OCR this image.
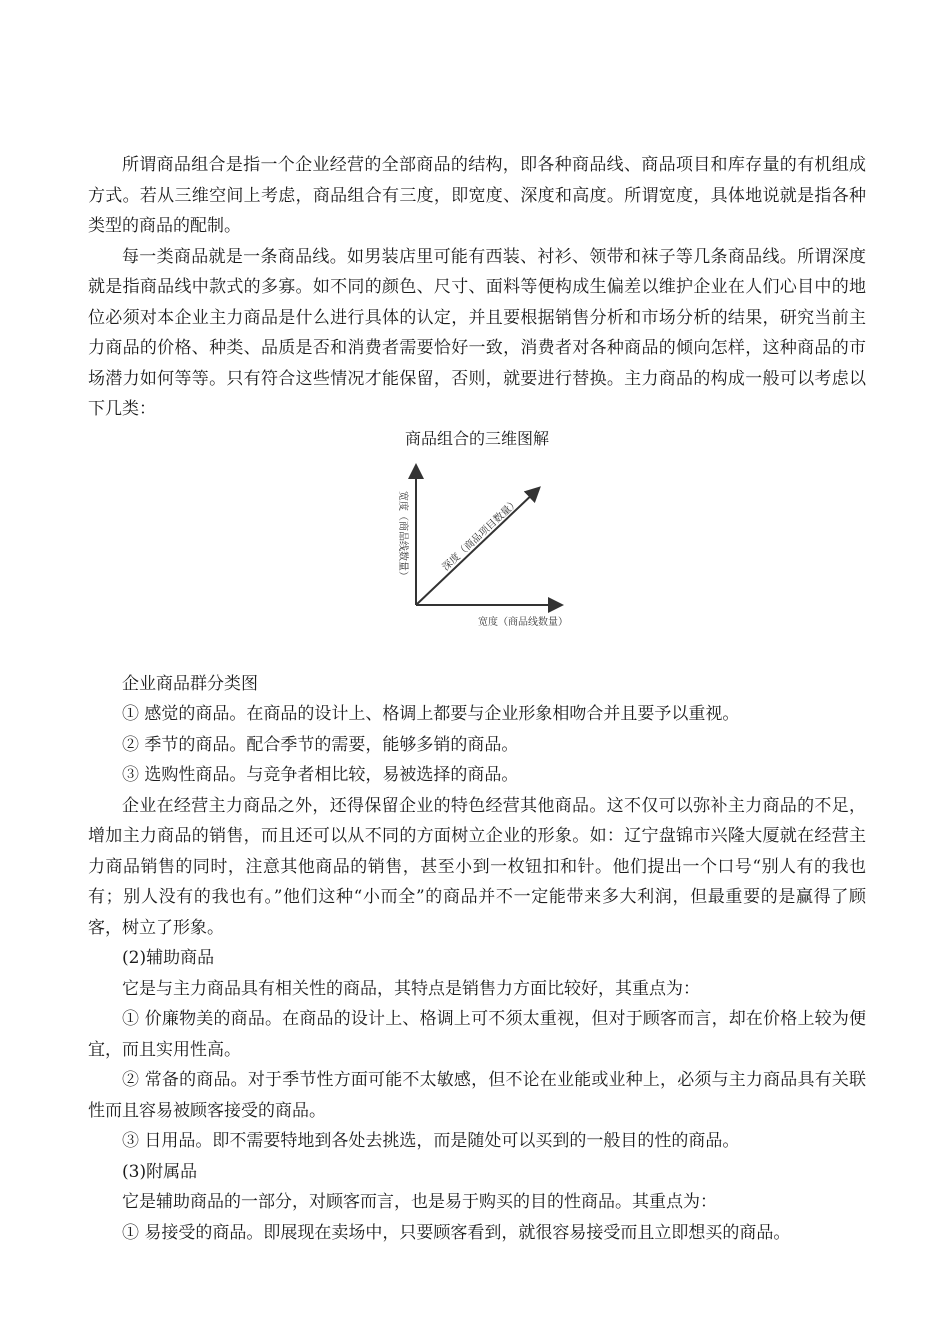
所谓商品组合是指一个企业经营的全部商品的结构，即各种商品线、商品项目和库存量的有机组成方式。若从三维空间上考虑，商品组合有三度，即宽度、深度和高度。所谓宽度，具体地说就是指各种类型的商品的配制。

每一类商品就是一条商品线。如男装店里可能有西装、衬衫、领带和袜子等几条商品线。所谓深度就是指商品线中款式的多寡。如不同的颜色、尺寸、面料等便构成生偏差以维护企业在人们心目中的地位必须对本企业主力商品是什么进行具体的认定，并且要根据销售分析和市场分析的结果，研究当前主力商品的价格、种类、品质是否和消费者需要恰好一致，消费者对各种商品的倾向怎样，这种商品的市场潜力如何等等。只有符合这些情况才能保留，否则，就要进行替换。主力商品的构成一般可以考虑以下几类：

商品组合的三维图解

宽度（商品线数量）	深度（商品项目数量）
宽度（商品线数量）

企业商品群分类图

① 感觉的商品。在商品的设计上、格调上都要与企业形象相吻合并且要予以重视。

② 季节的商品。配合季节的需要，能够多销的商品。

③ 选购性商品。与竞争者相比较，易被选择的商品。

企业在经营主力商品之外，还得保留企业的特色经营其他商品。这不仅可以弥补主力商品的不足，增加主力商品的销售，而且还可以从不同的方面树立企业的形象。如：辽宁盘锦市兴隆大厦就在经营主力商品销售的同时，注意其他商品的销售，甚至小到一枚钮扣和针。他们提出一个口号“别人有的我也有；别人没有的我也有。”他们这种“小而全”的商品并不一定能带来多大利润，但最重要的是赢得了顾客，树立了形象。

(2)辅助商品

它是与主力商品具有相关性的商品，其特点是销售力方面比较好，其重点为：

① 价廉物美的商品。在商品的设计上、格调上可不须太重视，但对于顾客而言，却在价格上较为便宜，而且实用性高。

② 常备的商品。对于季节性方面可能不太敏感，但不论在业能或业种上，必须与主力商品具有关联性而且容易被顾客接受的商品。

③ 日用品。即不需要特地到各处去挑选，而是随处可以买到的一般目的性的商品。

(3)附属品

它是辅助商品的一部分，对顾客而言，也是易于购买的目的性商品。其重点为：

① 易接受的商品。即展现在卖场中，只要顾客看到，就很容易接受而且立即想买的商品。
